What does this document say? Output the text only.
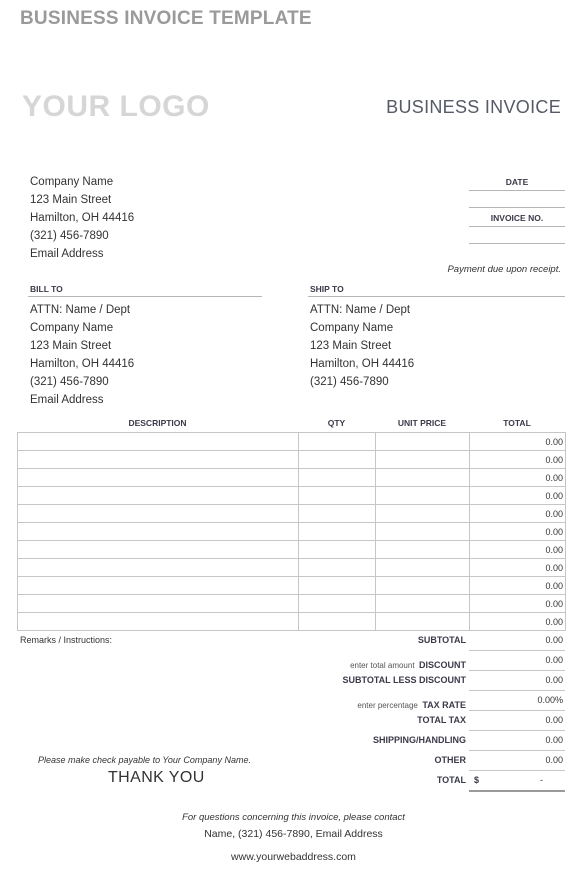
BUSINESS INVOICE TEMPLATE
YOUR LOGO	BUSINESS INVOICE
Company Name
123 Main Street
Hamilton, OH 44416
(321) 456-7890
Email Address
DATE
INVOICE NO.
Payment due upon receipt.
BILL TO
ATTN: Name / Dept
Company Name
123 Main Street
Hamilton, OH 44416
(321) 456-7890
Email Address
SHIP TO
ATTN: Name / Dept
Company Name
123 Main Street
Hamilton, OH 44416
(321) 456-7890
DESCRIPTION	QTY	UNIT PRICE	TOTAL
			0.00
			0.00
			0.00
			0.00
			0.00
			0.00
			0.00
			0.00
			0.00
			0.00
			0.00
Remarks / Instructions:	SUBTOTAL	0.00
enter total amount DISCOUNT	0.00
SUBTOTAL LESS DISCOUNT	0.00
enter percentage TAX RATE	0.00%
TOTAL TAX	0.00
SHIPPING/HANDLING	0.00
OTHER	0.00
TOTAL $	-
Please make check payable to Your Company Name.
THANK YOU
For questions concerning this invoice, please contact
Name, (321) 456-7890, Email Address
www.yourwebaddress.com
